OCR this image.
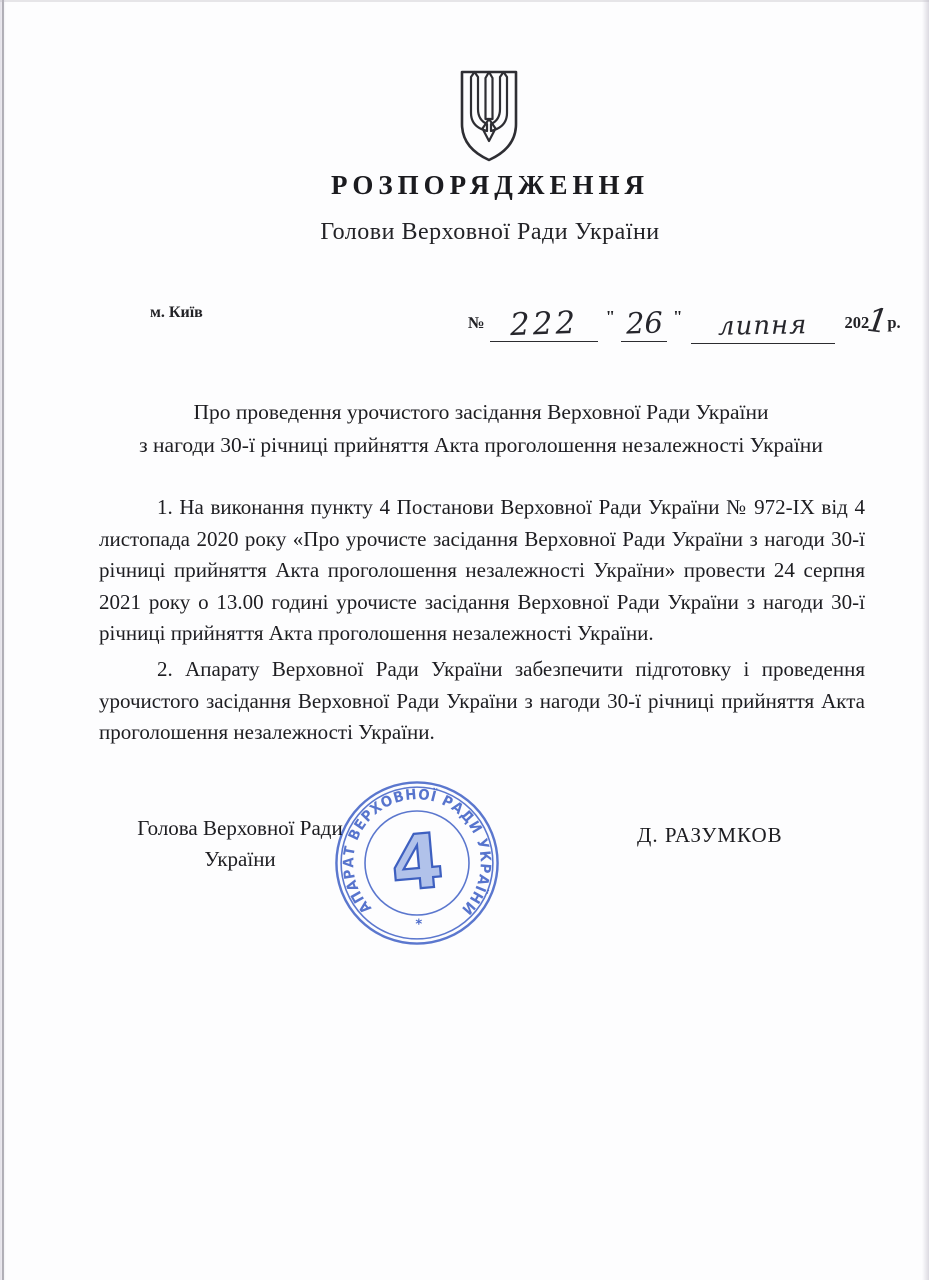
РОЗПОРЯДЖЕННЯ
Голови Верховної Ради України
м. Київ
№ 222	" 26 "	липня	2021 р.
Про проведення урочистого засідання Верховної Ради України
з нагоди 30-ї річниці прийняття Акта проголошення незалежності України
1. На виконання пункту 4 Постанови Верховної Ради України № 972-IX від 4 листопада 2020 року «Про урочисте засідання Верховної Ради України з нагоди 30-ї річниці прийняття Акта проголошення незалежності України» провести 24 серпня 2021 року о 13.00 годині урочисте засідання Верховної Ради України з нагоди 30-ї річниці прийняття Акта проголошення незалежності України.
2. Апарату Верховної Ради України забезпечити підготовку і проведення урочистого засідання Верховної Ради України з нагоди 30-ї річниці прийняття Акта проголошення незалежності України.
Голова Верховної Ради
України
Д. РАЗУМКОВ
АПАРАТ ВЕРХОВНОЇ РАДИ УКРАЇНИ
4
*
